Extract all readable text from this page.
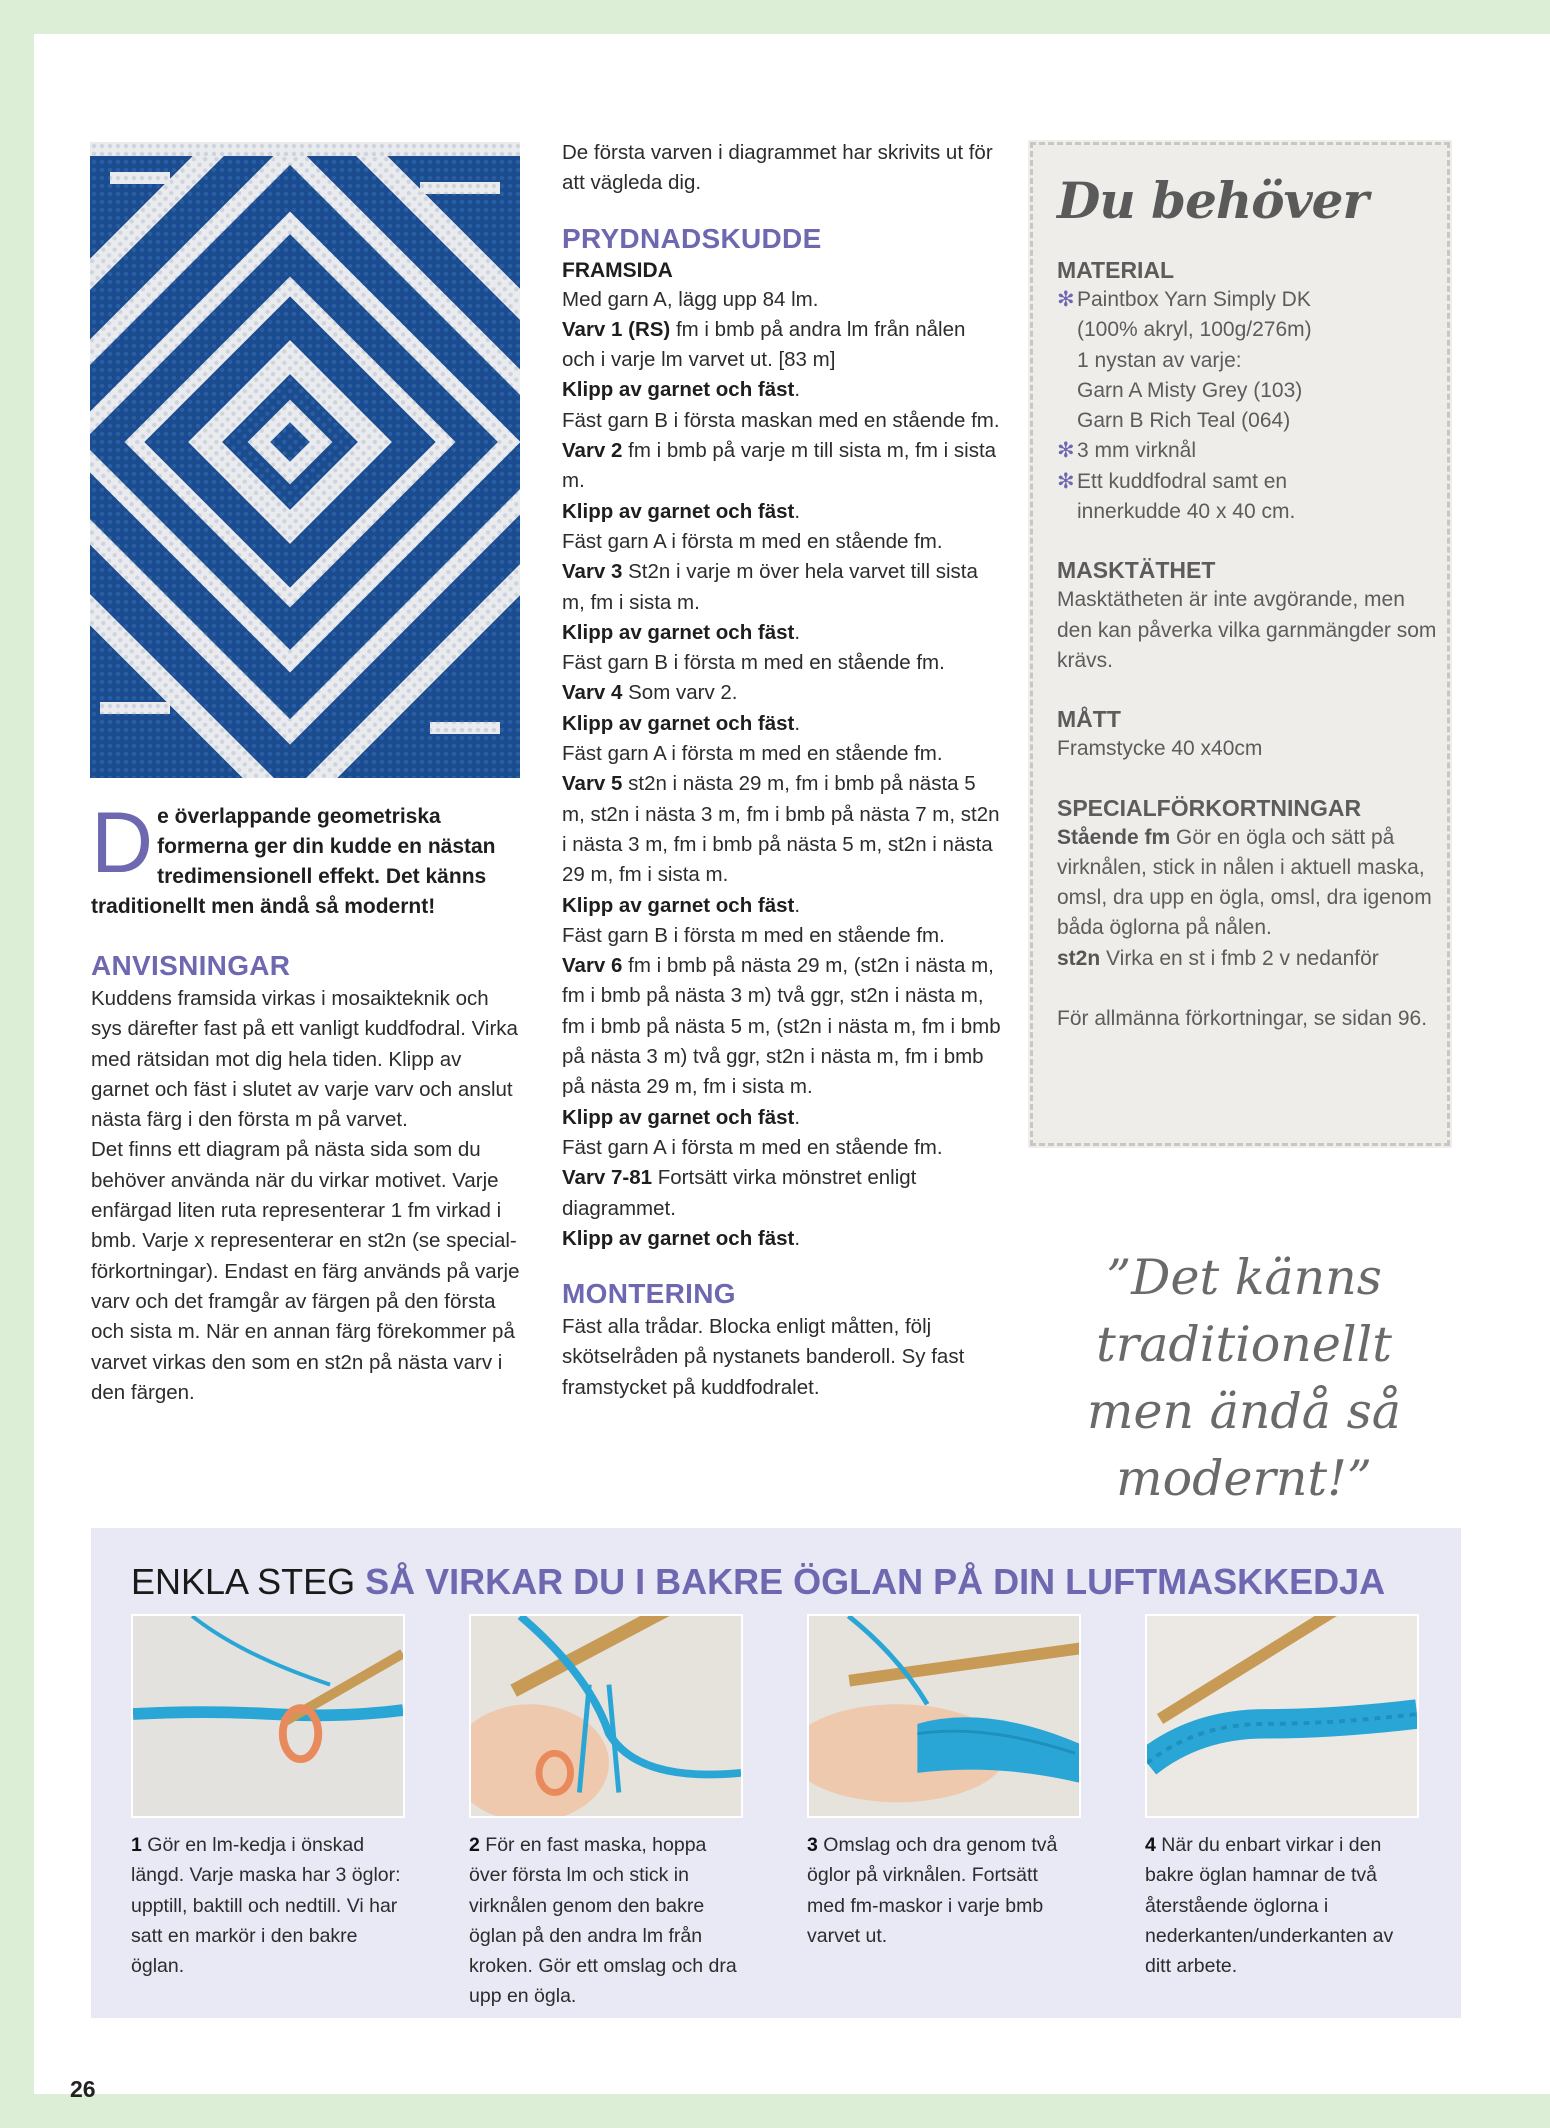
De överlappande geometriska formerna ger din kudde en nästan tredimensionell effekt. Det känns traditionellt men ändå så modernt!
ANVISNINGAR

Kuddens framsida virkas i mosaikteknik och sys därefter fast på ett vanligt kuddfodral. Virka med rätsidan mot dig hela tiden. Klipp av garnet och fäst i slutet av varje varv och anslut nästa färg i den första m på varvet.

Det finns ett diagram på nästa sida som du behöver använda när du virkar motivet. Varje enfärgad liten ruta representerar 1 fm virkad i bmb. Varje x representerar en st2n (se special-förkortningar). Endast en färg används på varje varv och det framgår av färgen på den första och sista m. När en annan färg förekommer på varvet virkas den som en st2n på nästa varv i den färgen.

De första varven i diagrammet har skrivits ut för att vägleda dig.

PRYDNADSKUDDE
FRAMSIDA

Med garn A, lägg upp 84 lm.

Varv 1 (RS) fm i bmb på andra lm från nålen och i varje lm varvet ut. [83 m]

Klipp av garnet och fäst.

Fäst garn B i första maskan med en stående fm.

Varv 2 fm i bmb på varje m till sista m, fm i sista m.

Klipp av garnet och fäst.

Fäst garn A i första m med en stående fm.

Varv 3 St2n i varje m över hela varvet till sista m, fm i sista m.

Klipp av garnet och fäst.

Fäst garn B i första m med en stående fm.

Varv 4 Som varv 2.

Klipp av garnet och fäst.

Fäst garn A i första m med en stående fm.

Varv 5 st2n i nästa 29 m, fm i bmb på nästa 5 m, st2n i nästa 3 m, fm i bmb på nästa 7 m, st2n i nästa 3 m, fm i bmb på nästa 5 m, st2n i nästa 29 m, fm i sista m.

Klipp av garnet och fäst.

Fäst garn B i första m med en stående fm.

Varv 6 fm i bmb på nästa 29 m, (st2n i nästa m, fm i bmb på nästa 3 m) två ggr, st2n i nästa m, fm i bmb på nästa 5 m, (st2n i nästa m, fm i bmb på nästa 3 m) två ggr, st2n i nästa m, fm i bmb på nästa 29 m, fm i sista m.

Klipp av garnet och fäst.

Fäst garn A i första m med en stående fm.

Varv 7-81 Fortsätt virka mönstret enligt diagrammet.

Klipp av garnet och fäst.

MONTERING

Fäst alla trådar. Blocka enligt måtten, följ skötselråden på nystanets banderoll. Sy fast framstycket på kuddfodralet.

Du behöver
MATERIAL
✻ Paintbox Yarn Simply DK
(100% akryl, 100g/276m)
1 nystan av varje:
Garn A Misty Grey (103)
Garn B Rich Teal (064)
✻ 3 mm virknål
✻ Ett kuddfodral samt en
innerkudde 40 x 40 cm.
MASKTÄTHET

Masktätheten är inte avgörande, men den kan påverka vilka garnmängder som krävs.

MÅTT

Framstycke 40 x40cm

SPECIALFÖRKORTNINGAR

Stående fm Gör en ögla och sätt på virknålen, stick in nålen i aktuell maska, omsl, dra upp en ögla, omsl, dra igenom båda öglorna på nålen.

st2n Virka en st i fmb 2 v nedanför

För allmänna förkortningar, se sidan 96.

”Det känns traditionellt men ändå så modernt!”
ENKLA STEG SÅ VIRKAR DU I BAKRE ÖGLAN PÅ DIN LUFTMASKKEDJA

1 Gör en lm-kedja i önskad längd. Varje maska har 3 öglor: upptill, baktill och nedtill. Vi har satt en markör i den bakre öglan.

2 För en fast maska, hoppa över första lm och stick in virknålen genom den bakre öglan på den andra lm från kroken. Gör ett omslag och dra upp en ögla.

3 Omslag och dra genom två öglor på virknålen. Fortsätt med fm-maskor i varje bmb varvet ut.

4 När du enbart virkar i den bakre öglan hamnar de två återstående öglorna i nederkanten/underkanten av ditt arbete.

26
